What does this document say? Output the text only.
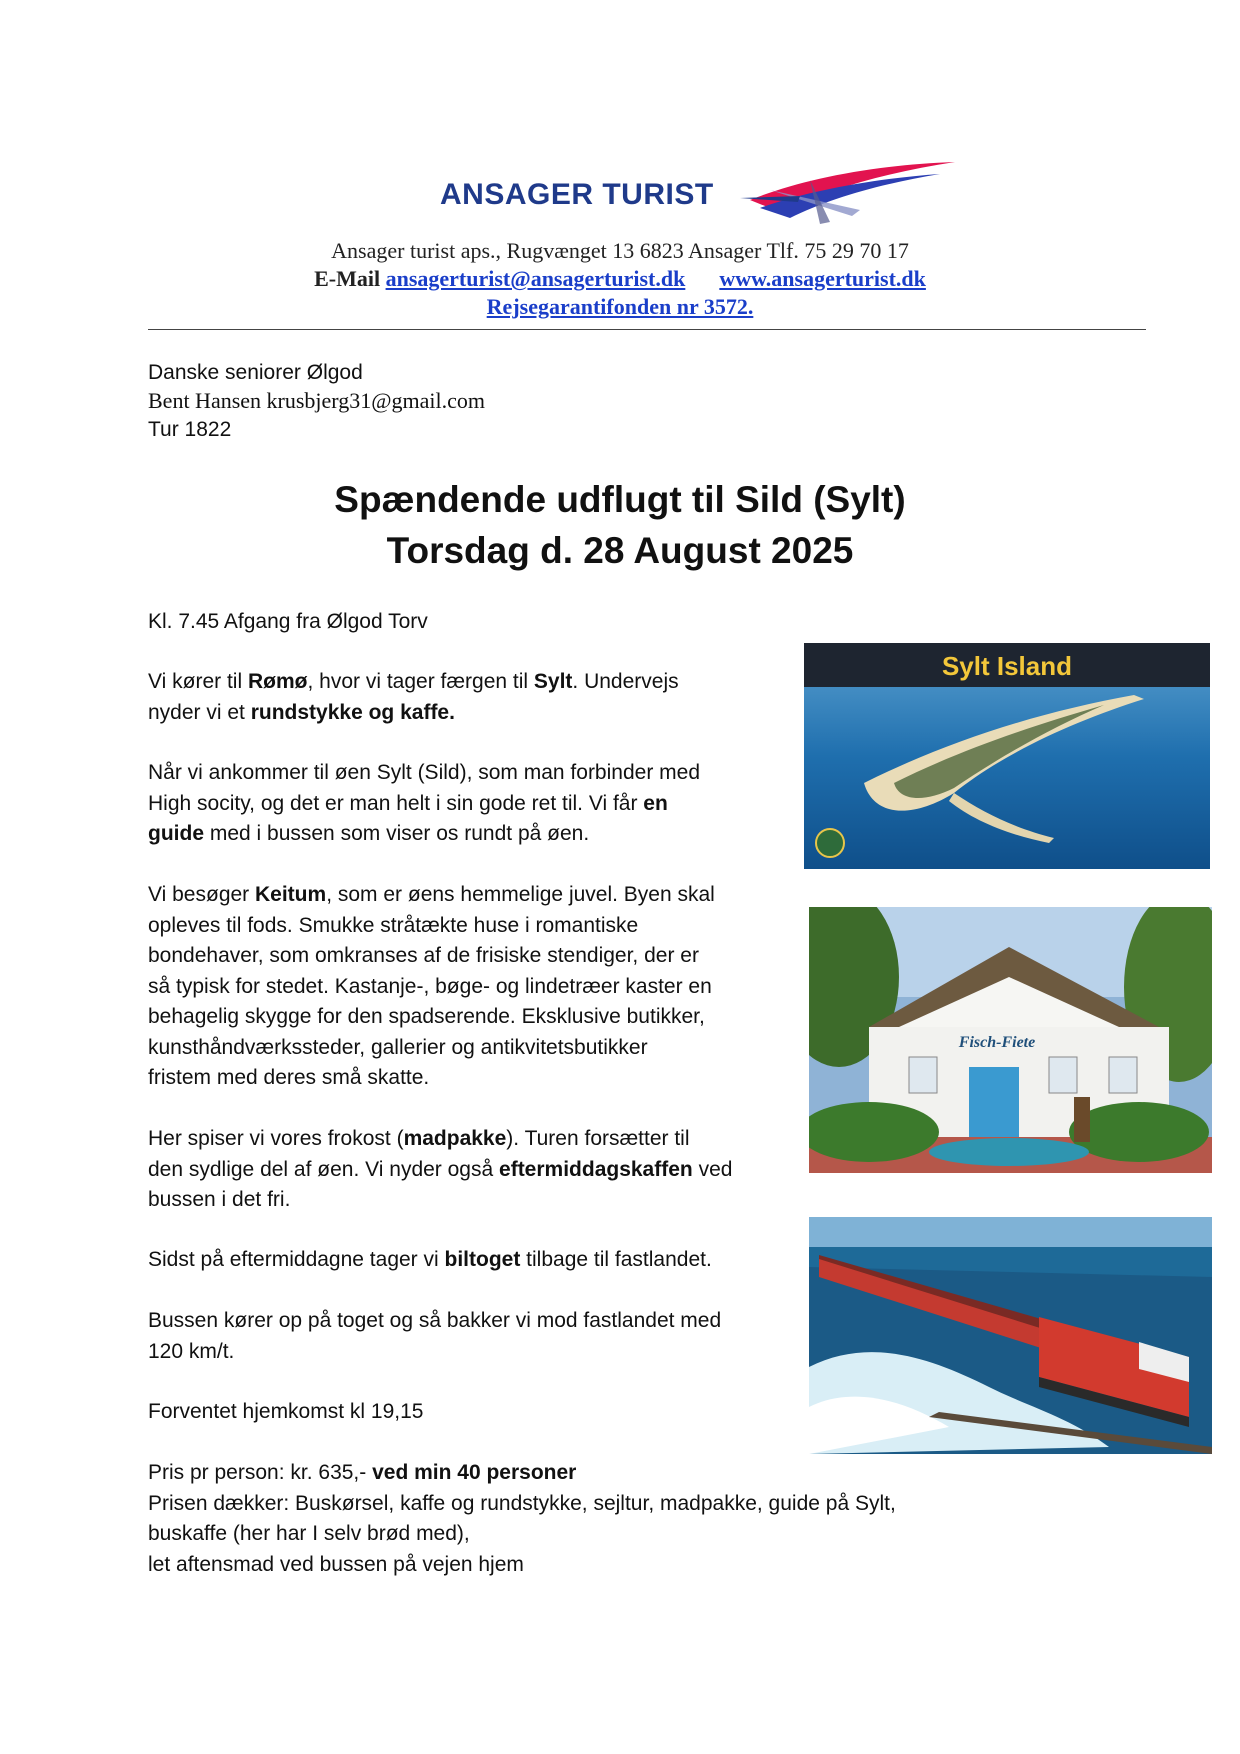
ANSAGER TURIST
Ansager turist aps., Rugvænget 13 6823 Ansager Tlf. 75 29 70 17
E-Mail ansagerturist@ansagerturist.dk www.ansagerturist.dk
Rejsegarantifonden nr 3572.
Danske seniorer Ølgod
Bent Hansen krusbjerg31@gmail.com
Tur 1822
Spændende udflugt til Sild (Sylt)
Torsdag d. 28 August 2025
Kl. 7.45 Afgang fra Ølgod Torv
Vi kører til Rømø, hvor vi tager færgen til Sylt. Undervejs
nyder vi et rundstykke og kaffe.
Når vi ankommer til øen Sylt (Sild), som man forbinder med
High socity, og det er man helt i sin gode ret til. Vi får en
guide med i bussen som viser os rundt på øen.
Vi besøger Keitum, som er øens hemmelige juvel. Byen skal
opleves til fods. Smukke stråtækte huse i romantiske
bondehaver, som omkranses af de frisiske stendiger, der er
så typisk for stedet. Kastanje-, bøge- og lindetræer kaster en
behagelig skygge for den spadserende. Eksklusive butikker,
kunsthåndværkssteder, gallerier og antikvitetsbutikker
fristem med deres små skatte.
Her spiser vi vores frokost (madpakke). Turen forsætter til
den sydlige del af øen. Vi nyder også eftermiddagskaffen ved
bussen i det fri.
Sidst på eftermiddagne tager vi biltoget tilbage til fastlandet.
Bussen kører op på toget og så bakker vi mod fastlandet med
120 km/t.
Forventet hjemkomst kl 19,15
Pris pr person: kr. 635,- ved min 40 personer
Prisen dækker: Buskørsel, kaffe og rundstykke, sejltur, madpakke, guide på Sylt,
buskaffe (her har I selv brød med),
let aftensmad ved bussen på vejen hjem
Sylt Island
Fisch-Fiete
